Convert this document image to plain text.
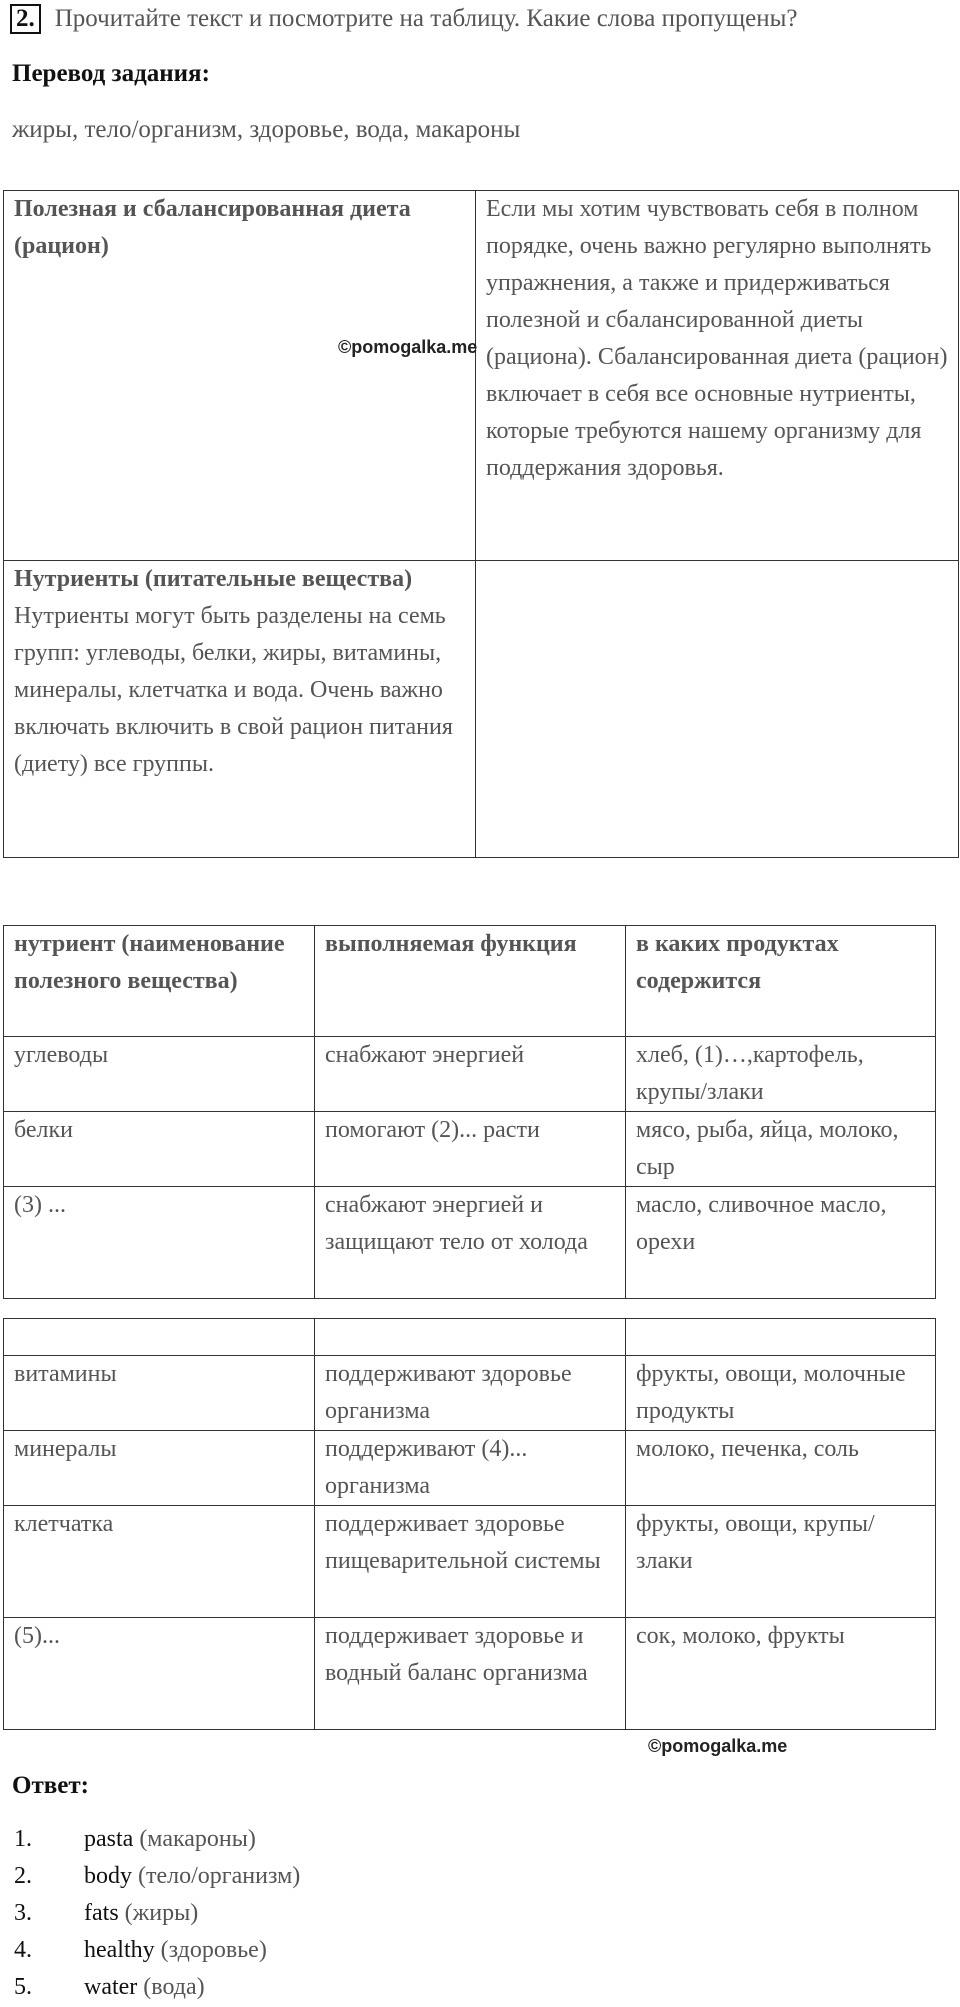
2. Прочитайте текст и посмотрите на таблицу. Какие слова пропущены?
Перевод задания:
жиры, тело/организм, здоровье, вода, макароны
Полезная и сбалансированная диета (рацион)	Если мы хотим чувствовать себя в полном порядке, очень важно регулярно выполнять упражнения, а также и придерживаться полезной и сбалансированной диеты (рациона). Сбалансированная диета (рацион) включает в себя все основные нутриенты, которые требуются нашему организму для поддержания здоровья.

Нутриенты (питательные вещества)
Нутриенты могут быть разделены на семь групп: углеводы, белки, жиры, витамины, минералы, клетчатка и вода. Очень важно включать включить в свой рацион питания (диету) все группы.	

©pomogalka.me
нутриент (наименование полезного вещества)	выполняемая функция	в каких продуктах содержится
углеводы	снабжают энергией	хлеб, (1)…,картофель, крупы/злаки
белки	помогают (2)... расти	мясо, рыба, яйца, молоко, сыр
(3) ...	снабжают энергией и защищают тело от холода	масло, сливочное масло, орехи

витамины	поддерживают здоровье организма	фрукты, овощи, молочные продукты
минералы	поддерживают (4)... организма	молоко, печенка, соль
клетчатка	поддерживает здоровье пищеварительной системы	фрукты, овощи, крупы/злаки
(5)...	поддерживает здоровье и водный баланс организма	сок, молоко, фрукты
©pomogalka.me
Ответ:
1. pasta (макароны)
2. body (тело/организм)
3. fats (жиры)
4. healthy (здоровье)
5. water (вода)
